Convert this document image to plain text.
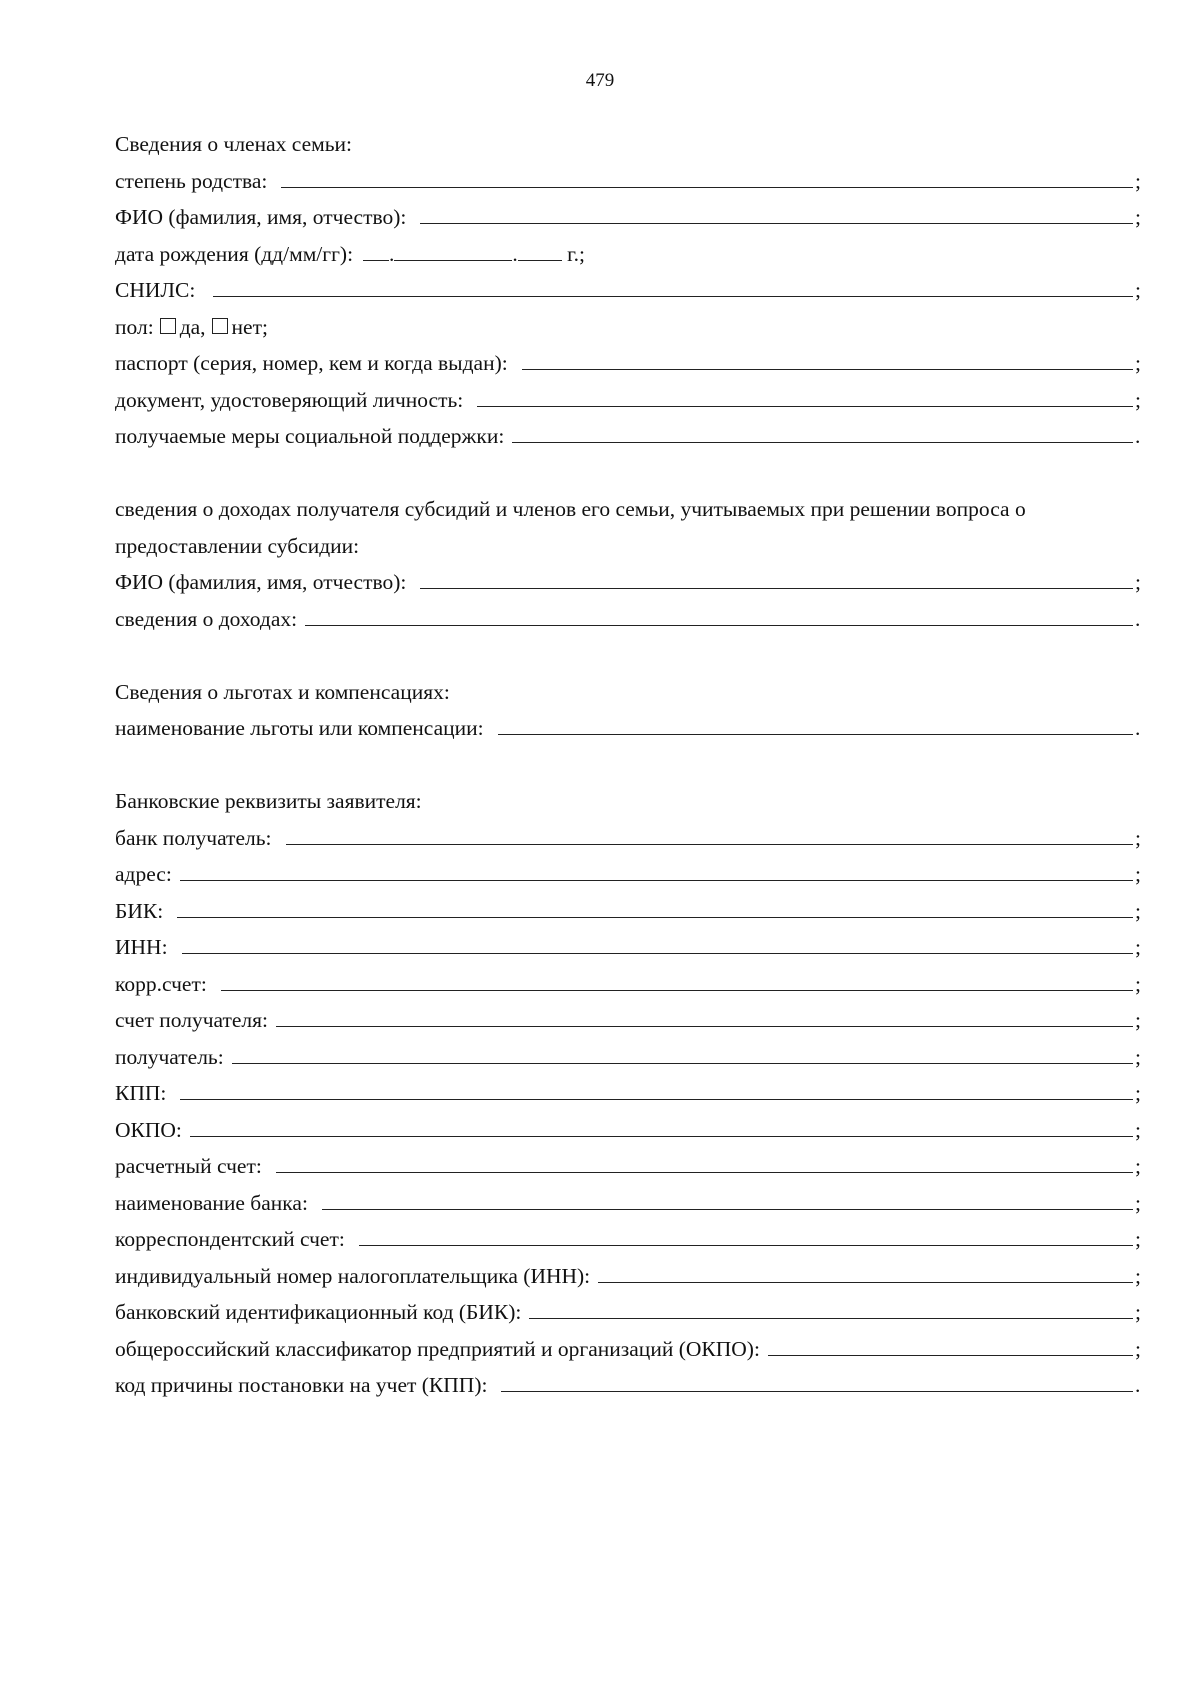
479
Сведения о членах семьи:
степень родства:	;
ФИО (фамилия, имя, отчество):	;
дата рождения (дд/мм/гг):	.	. г.;
СНИЛС:	;
пол: да, нет;
паспорт (серия, номер, кем и когда выдан):	;
документ, удостоверяющий личность:	;
получаемые меры социальной поддержки:	.
сведения о доходах получателя субсидий и членов его семьи, учитываемых при решении вопроса о предоставлении субсидии:
ФИО (фамилия, имя, отчество):	;
сведения о доходах:	.
Сведения о льготах и компенсациях:
наименование льготы или компенсации:	.
Банковские реквизиты заявителя:
банк получатель:	;
адрес:	;
БИК:	;
ИНН:	;
корр.счет:	;
счет получателя:	;
получатель:	;
КПП:	;
ОКПО:	;
расчетный счет:	;
наименование банка:	;
корреспондентский счет:	;
индивидуальный номер налогоплательщика (ИНН):	;
банковский идентификационный код (БИК):	;
общероссийский классификатор предприятий и организаций (ОКПО):	;
код причины постановки на учет (КПП):	.
